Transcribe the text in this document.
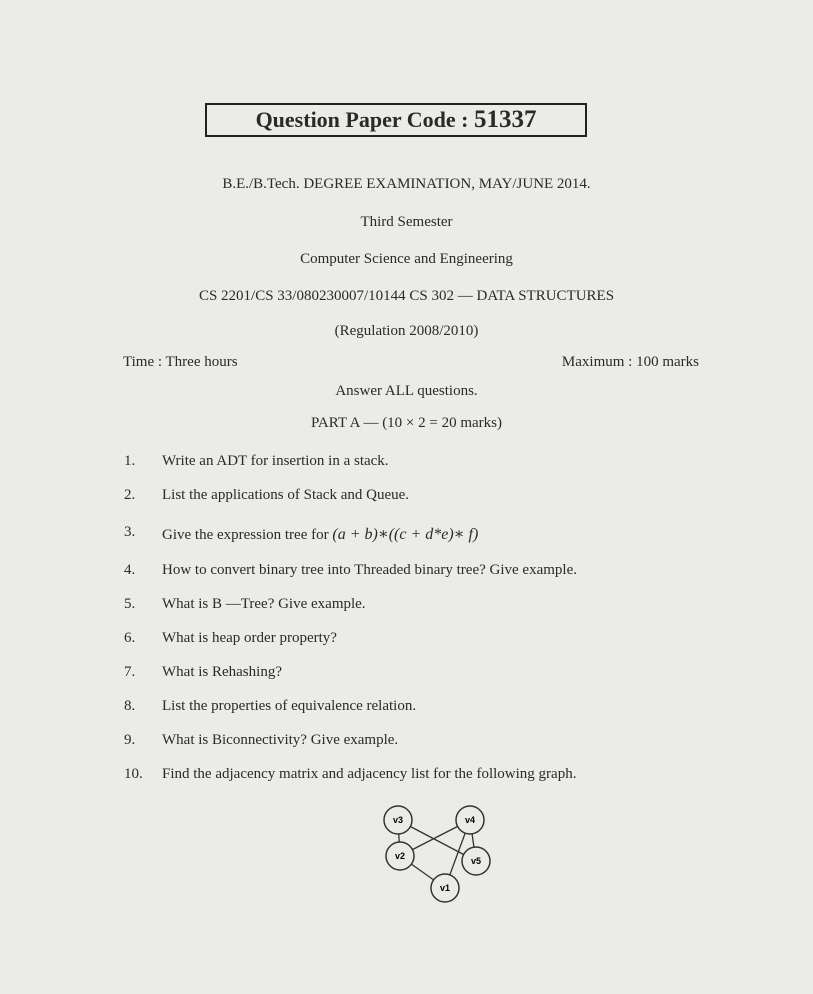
Question Paper Code : 51337
B.E./B.Tech. DEGREE EXAMINATION, MAY/JUNE 2014.
Third Semester
Computer Science and Engineering
CS 2201/CS 33/080230007/10144 CS 302 — DATA STRUCTURES
(Regulation 2008/2010)
Time : Three hours	Maximum : 100 marks
Answer ALL questions.
PART A — (10 × 2 = 20 marks)
1.	Write an ADT for insertion in a stack.
2.	List the applications of Stack and Queue.
3.	Give the expression tree for (a + b)∗((c + d*e)∗ f)
4.	How to convert binary tree into Threaded binary tree? Give example.
5.	What is B —Tree? Give example.
6.	What is heap order property?
7.	What is Rehashing?
8.	List the properties of equivalence relation.
9.	What is Biconnectivity? Give example.
10.	Find the adjacency matrix and adjacency list for the following graph.
v3	v4
v2	v5
v1
